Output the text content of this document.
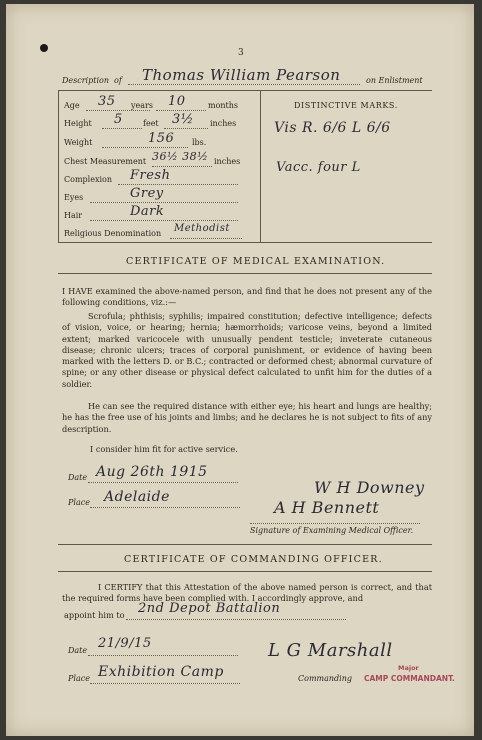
3
Description of Thomas William Pearson	on Enlistment
Age 35 years 10	months
Height 5	feet 3½ inches
Weight	156 lbs.
Chest Measurement 36½ 38½ inches
Complexion Fresh
Eyes	Grey
Hair	Dark
Religious Denomination Methodist
DISTINCTIVE MARKS.
Vis R. 6/6 L 6/6
Vacc. four L
CERTIFICATE OF MEDICAL EXAMINATION.
I HAVE examined the above-named person, and find that he does not present any of the following conditions, viz.:—
Scrofula; phthisis; syphilis; impaired constitution; defective intelligence; defects of vision, voice, or hearing; hernia; hæmorrhoids; varicose veins, beyond a limited extent; marked varicocele with unusually pendent testicle; inveterate cutaneous disease; chronic ulcers; traces of corporal punishment, or evidence of having been marked with the letters D. or B.C.; contracted or deformed chest; abnormal curvature of spine; or any other disease or physical defect calculated to unfit him for the duties of a soldier.
He can see the required distance with either eye; his heart and lungs are healthy; he has the free use of his joints and limbs; and he declares he is not subject to fits of any description.
I consider him fit for active service.
Date Aug 26th 1915
Place Adelaide	W H Downey
A H Bennett
Signature of Examining Medical Officer.
CERTIFICATE OF COMMANDING OFFICER.
I CERTIFY that this Attestation of the above named person is correct, and that the required forms have been complied with. I accordingly approve, and
appoint him to 2nd Depot Battalion
Date 21/9/15
Place Exhibition Camp
L G Marshall
Commanding
Major
CAMP COMMANDANT.
